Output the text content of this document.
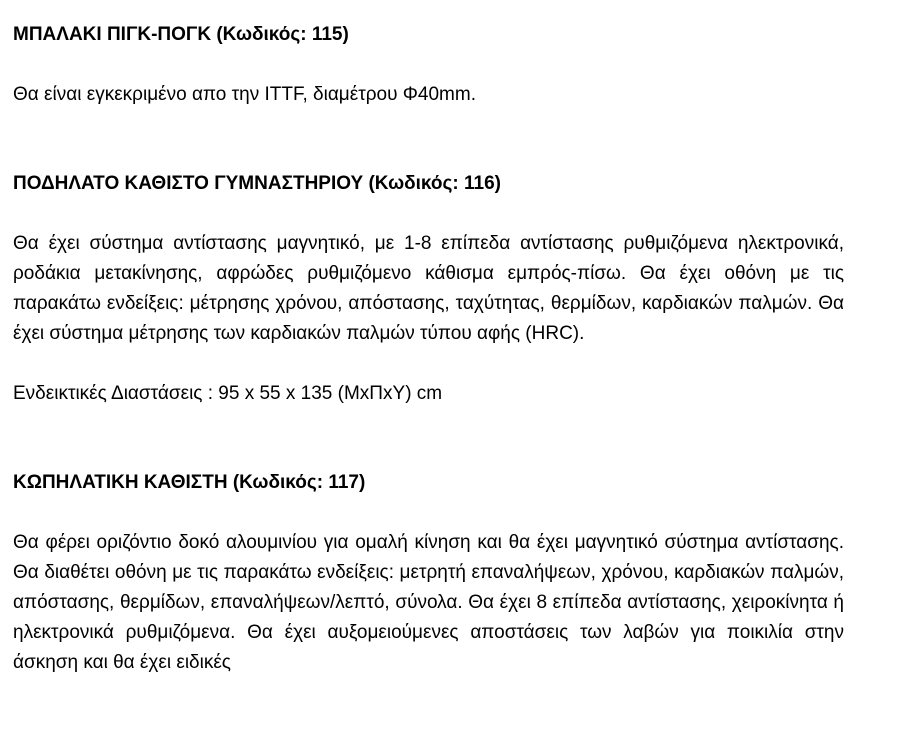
ΜΠΑΛΑΚΙ ΠΙΓΚ-ΠΟΓΚ (Κωδικός: 115)

Θα είναι εγκεκριμένο απο την ITTF, διαμέτρου Φ40mm.

ΠΟΔΗΛΑΤΟ ΚΑΘΙΣΤΟ ΓΥΜΝΑΣΤΗΡΙΟΥ (Κωδικός: 116)

Θα έχει σύστημα αντίστασης μαγνητικό, με 1-8 επίπεδα αντίστασης ρυθμιζόμενα ηλεκτρονικά, ροδάκια μετακίνησης, αφρώδες ρυθμιζόμενο κάθισμα εμπρός-πίσω. Θα έχει οθόνη με τις παρακάτω ενδείξεις: μέτρησης χρόνου, απόστασης, ταχύτητας, θερμίδων, καρδιακών παλμών. Θα έχει σύστημα μέτρησης των καρδιακών παλμών τύπου αφής (HRC).

Ενδεικτικές Διαστάσεις : 95 x 55 x 135 (ΜxΠxΥ) cm

ΚΩΠΗΛΑΤΙΚΗ ΚΑΘΙΣΤΗ (Κωδικός: 117)

Θα φέρει οριζόντιο δοκό αλουμινίου για ομαλή κίνηση και θα έχει μαγνητικό σύστημα αντίστασης. Θα διαθέτει οθόνη με τις παρακάτω ενδείξεις: μετρητή επαναλήψεων, χρόνου, καρδιακών παλμών, απόστασης, θερμίδων, επαναλήψεων/λεπτό, σύνολα. Θα έχει 8 επίπεδα αντίστασης, χειροκίνητα ή ηλεκτρονικά ρυθμιζόμενα. Θα έχει αυξομειούμενες αποστάσεις των λαβών για ποικιλία στην άσκηση και θα έχει ειδικές
